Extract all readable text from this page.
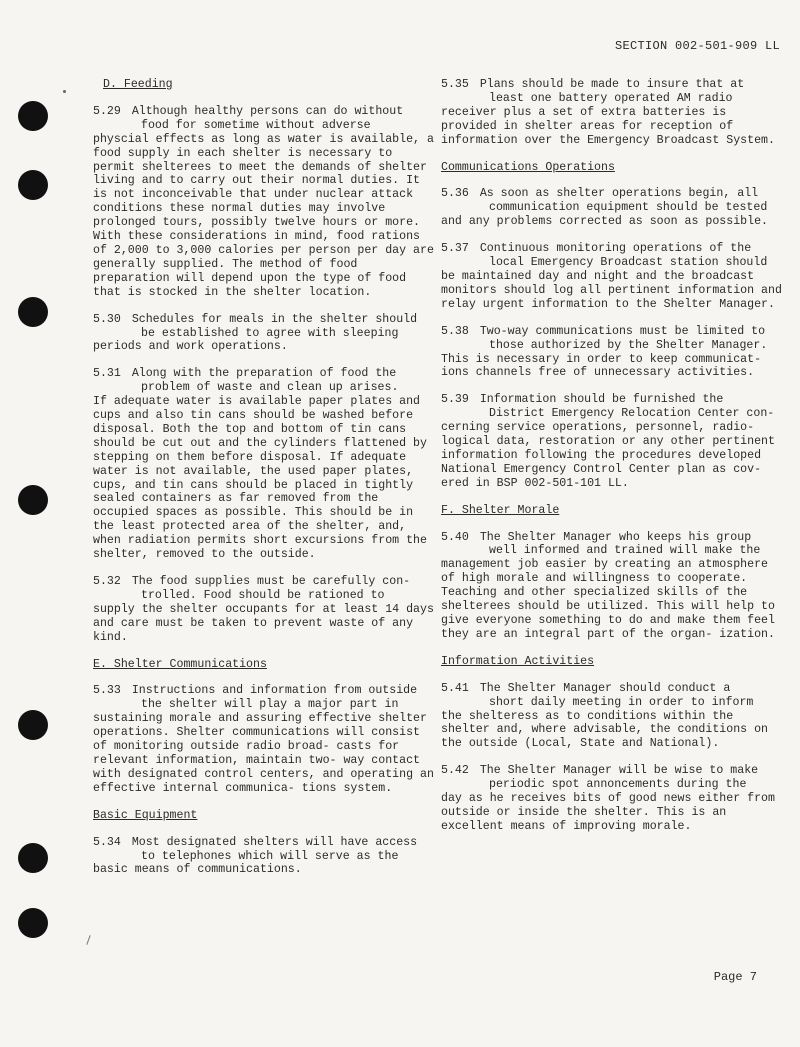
SECTION 002-501-909 LL
D. Feeding
5.29 Although healthy persons can do without
food for sometime without adverse
physcial effects as long as water is available, a food supply in each shelter is necessary to permit shelterees to meet the demands of shelter living and to carry out their normal duties. It is not inconceivable that under nuclear attack conditions these normal duties may involve prolonged tours, possibly twelve hours or more. With these considerations in mind, food rations of 2,000 to 3,000 calories per person per day are generally supplied. The method of food preparation will depend upon the type of food that is stocked in the shelter location.
5.30 Schedules for meals in the shelter should
be established to agree with sleeping
periods and work operations.
5.31 Along with the preparation of food the
problem of waste and clean up arises.
If adequate water is available paper plates and cups and also tin cans should be washed before disposal. Both the top and bottom of tin cans should be cut out and the cylinders flattened by stepping on them before disposal. If adequate water is not available, the used paper plates, cups, and tin cans should be placed in tightly sealed containers as far removed from the occupied spaces as possible. This should be in the least protected area of the shelter, and, when radiation permits short excursions from the shelter, removed to the outside.
5.32 The food supplies must be carefully con-
trolled. Food should be rationed to
supply the shelter occupants for at least 14 days and care must be taken to prevent waste of any kind.
E. Shelter Communications
5.33 Instructions and information from outside
the shelter will play a major part in
sustaining morale and assuring effective shelter operations. Shelter communications will consist of monitoring outside radio broad- casts for relevant information, maintain two- way contact with designated control centers, and operating an effective internal communica- tions system.
Basic Equipment
5.34 Most designated shelters will have access
to telephones which will serve as the
basic means of communications.
5.35 Plans should be made to insure that at
least one battery operated AM radio
receiver plus a set of extra batteries is provided in shelter areas for reception of information over the Emergency Broadcast System.
Communications Operations
5.36 As soon as shelter operations begin, all
communication equipment should be tested
and any problems corrected as soon as possible.
5.37 Continuous monitoring operations of the
local Emergency Broadcast station should
be maintained day and night and the broadcast monitors should log all pertinent information and relay urgent information to the Shelter Manager.
5.38 Two-way communications must be limited to
those authorized by the Shelter Manager.
This is necessary in order to keep communicat- ions channels free of unnecessary activities.
5.39 Information should be furnished the
District Emergency Relocation Center con-
cerning service operations, personnel, radio- logical data, restoration or any other pertinent information following the procedures developed National Emergency Control Center plan as cov- ered in BSP 002-501-101 LL.
F. Shelter Morale
5.40 The Shelter Manager who keeps his group
well informed and trained will make the
management job easier by creating an atmosphere of high morale and willingness to cooperate. Teaching and other specialized skills of the shelterees should be utilized. This will help to give everyone something to do and make them feel they are an integral part of the organ- ization.
Information Activities
5.41 The Shelter Manager should conduct a
short daily meeting in order to inform
the shelteress as to conditions within the shelter and, where advisable, the conditions on the outside (Local, State and National).
5.42 The Shelter Manager will be wise to make
periodic spot annoncements during the
day as he receives bits of good news either from outside or inside the shelter. This is an excellent means of improving morale.
Page 7
